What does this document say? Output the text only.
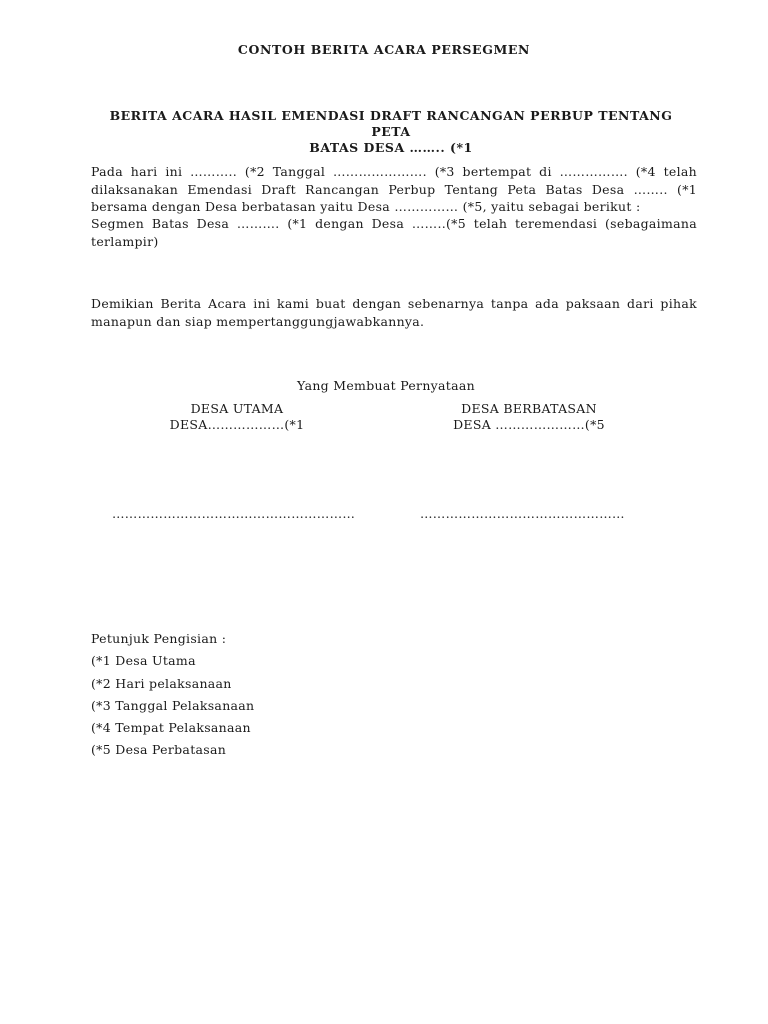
CONTOH BERITA ACARA PERSEGMEN
BERITA ACARA HASIL EMENDASI DRAFT RANCANGAN PERBUP TENTANG PETA
BATAS DESA …….. (*1
Pada hari ini ……….. (*2 Tanggal …………………. (*3 bertempat di ……………. (*4 telah dilaksanakan Emendasi Draft Rancangan Perbup Tentang Peta Batas Desa …….. (*1 bersama dengan Desa berbatasan yaitu Desa …………… (*5, yaitu sebagai berikut :
Segmen Batas Desa ………. (*1 dengan Desa ……..(*5 telah teremendasi (sebagaimana terlampir)
Demikian Berita Acara ini kami buat dengan sebenarnya tanpa ada paksaan dari pihak manapun dan siap mempertanggungjawabkannya.
Yang Membuat Pernyataan
DESA UTAMA
DESA………………(*1
DESA BERBATASAN
DESA …………………(*5
…………………………………………………	…………………………………………
Petunjuk Pengisian :
(*1 Desa Utama
(*2 Hari pelaksanaan
(*3 Tanggal Pelaksanaan
(*4 Tempat Pelaksanaan
(*5 Desa Perbatasan
